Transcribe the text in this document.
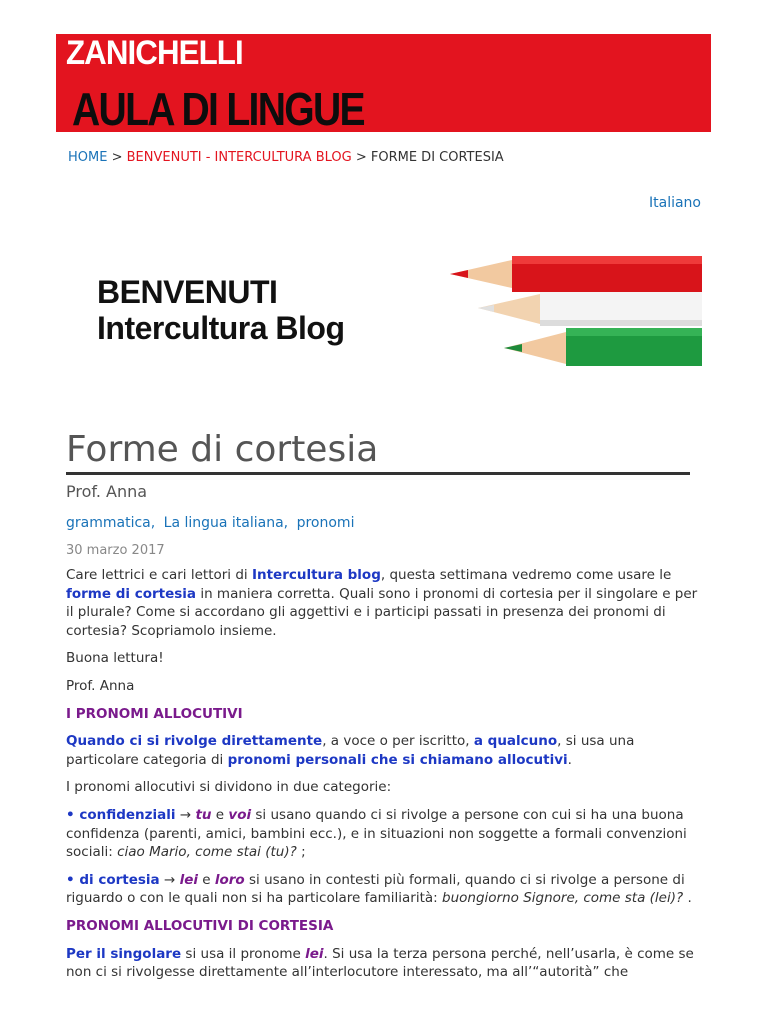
ZANICHELLI
AULA DI LINGUE
HOME > BENVENUTI - INTERCULTURA BLOG > FORME DI CORTESIA
Italiano
BENVENUTI
Intercultura Blog
Forme di cortesia
Prof. Anna
grammatica, La lingua italiana, pronomi
30 marzo 2017

Care lettrici e cari lettori di Intercultura blog, questa settimana vedremo come usare le forme di cortesia in maniera corretta. Quali sono i pronomi di cortesia per il singolare e per il plurale? Come si accordano gli aggettivi e i participi passati in presenza dei pronomi di cortesia? Scopriamolo insieme.

Buona lettura!

Prof. Anna

I PRONOMI ALLOCUTIVI

Quando ci si rivolge direttamente, a voce o per iscritto, a qualcuno, si usa una particolare categoria di pronomi personali che si chiamano allocutivi.

I pronomi allocutivi si dividono in due categorie:

• confidenziali → tu e voi si usano quando ci si rivolge a persone con cui si ha una buona confidenza (parenti, amici, bambini ecc.), e in situazioni non soggette a formali convenzioni sociali: ciao Mario, come stai (tu)? ;

• di cortesia → lei e loro si usano in contesti più formali, quando ci si rivolge a persone di riguardo o con le quali non si ha particolare familiarità: buongiorno Signore, come sta (lei)? .

PRONOMI ALLOCUTIVI DI CORTESIA

Per il singolare si usa il pronome lei. Si usa la terza persona perché, nell’usarla, è come se non ci si rivolgesse direttamente all’interlocutore interessato, ma all’“autorità” che
